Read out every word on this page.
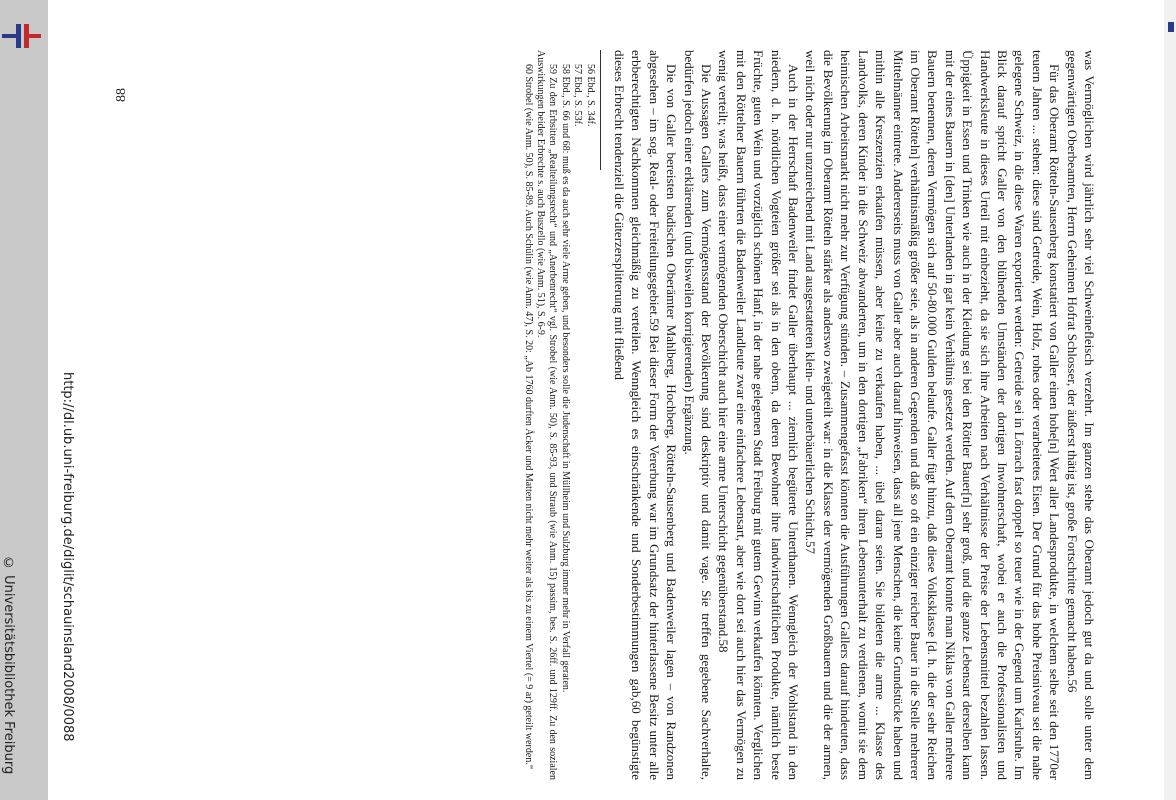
was Vermöglichen wird jährlich sehr viel Schweinefleisch verzehrt. Im ganzen stehe das Oberamt jedoch gut da und solle unter dem gegenwärtigen Oberbeamten, Herrn Geheimen Hofrat Schlosser, der äußerst thätig ist, große Fortschritte gemacht haben.56

Für das Oberamt Rötteln-Sausenberg konstatiert von Galler einen hohe[n] Wert aller Landesprodukte, in welchem selbe seit den 1770er teuern Jahren ... stehen: diese sind Getreide, Wein, Holz, rohes oder verarbeitetes Eisen. Der Grund für das hohe Preisniveau sei die nahe gelegene Schweiz, in die diese Waren exportiert werden: Getreide sei in Lörrach fast doppelt so teuer wie in der Gegend um Karlsruhe. Im Blick darauf spricht Galler von den blühenden Umständen der dortigen Inwohnerschaft, wobei er auch die Professionalisten und Handwerksleute in dieses Urteil mit einbezieht, da sie sich ihre Arbeiten nach Verhältnisse der Preise der Lebensmittel bezahlen lassen. Üppigkeit in Essen und Trinken wie auch in der Kleidung sei bei den Röttler Bauer[n] sehr groß, und die ganze Lebensart derselben kann mit der eines Bauern in [den] Unterlanden in gar kein Verhältnis gesetzet werden. Auf dem Oberamt konnte man Niklas von Galler mehrere Bauern benennen, deren Vermögen sich auf 50-80.000 Gulden belaufe. Galler fügt hinzu, daß diese Volksklasse [d. h. die der sehr Reichen im Oberamt Rötteln] verhältnismäßig größer seie, als in anderen Gegenden und daß so oft ein einziger reicher Bauer in die Stelle mehrerer Mittelmänner eintrete. Andererseits muss von Galler aber auch darauf hinweisen, dass all jene Menschen, die keine Grundstücke haben und mithin alle Kreszenzien erkaufen müssen, aber keine zu verkaufen haben, ... übel daran seien. Sie bildeten die arme ... Klasse des Landvolks, deren Kinder in die Schweiz abwanderten, um in den dortigen „Fabriken“ ihren Lebensunterhalt zu verdienen, womit sie dem heimischen Arbeitsmarkt nicht mehr zur Verfügung stünden. – Zusammengefasst könnten die Ausführungen Gallers darauf hindeuten, dass die Bevölkerung im Oberamt Rötteln stärker als anderswo zweigeteilt war: in die Klasse der vermögenden Großbauern und die der armen, weil nicht oder nur unzureichend mit Land ausgestatteten klein- und unterbäuerlichen Schicht.57

Auch in der Herrschaft Badenweiler findet Galler überhaupt ... ziemlich begüterte Unterthanen. Wenngleich der Wohlstand in den niedern, d. h. nördlichen Vogteien größer sei als in den obern, da deren Bewohner ihre landwirtschaftlichen Produkte, nämlich beste Früchte, guten Wein und vorzüglich schönen Hanf, in der nahe gelegenen Stadt Freiburg mit gutem Gewinn verkaufen könnten. Verglichen mit den Röttelner Bauern führten die Badenweiler Landleute zwar eine einfachere Lebensart, aber wie dort sei auch hier das Vermögen zu wenig verteilt; was heißt, dass einer vermögenden Oberschicht auch hier eine arme Unterschicht gegenüberstand.58

Die Aussagen Gallers zum Vermögensstand der Bevölkerung sind deskriptiv und damit vage. Sie treffen gegebene Sachverhalte, bedürfen jedoch einer erklärenden (und bisweilen korrigierenden) Ergänzung.

Die von Galler bereisten badischen Oberämter Mahlberg, Hochberg, Rötteln-Sausenberg und Badenweiler lagen – von Randzonen abgesehen – im sog. Real- oder Freiteilungsgebiet.59 Bei dieser Form der Vererbung war im Grundsatz der hinterlassene Besitz unter alle erbberechtigten Nachkommen gleichmäßig zu verteilen. Wenngleich es einschränkende und Sonderbestimmungen gab,60 begünstigte dieses Erbrecht tendenziell die Güterzersplitterung mit fließend

56 Ebd., S. 34f.

57 Ebd., S. 53f.

58 Ebd., S. 66 und 68: muß es da auch sehr viele Arme geben, und besonders solle die Judenschaft in Müllheim und Sulzburg immer mehr in Verfall geraten.

59 Zu den Erbsitten „Realteilungsrecht“ und „Anerbenrecht“ vgl. Strobel (wie Anm. 50), S. 85-93, und Straub (wie Anm. 15) passim, bes. S. 26ff. und 129ff. Zu den sozialen Auswirkungen beider Erbrechte s. auch Buszello (wie Anm. 51), S. 6-9.

60 Strobel (wie Anm. 50), S. 85-89. Auch Schülin (wie Anm. 47), S. 20: „Ab 1760 durften Äcker und Matten nicht mehr weiter als bis zu einem Viertel (= 9 ar) geteilt werden.“

88
http://dl.ub.uni-freiburg.de/diglit/schauinsland2008/0088
© Universitätsbibliothek Freiburg
